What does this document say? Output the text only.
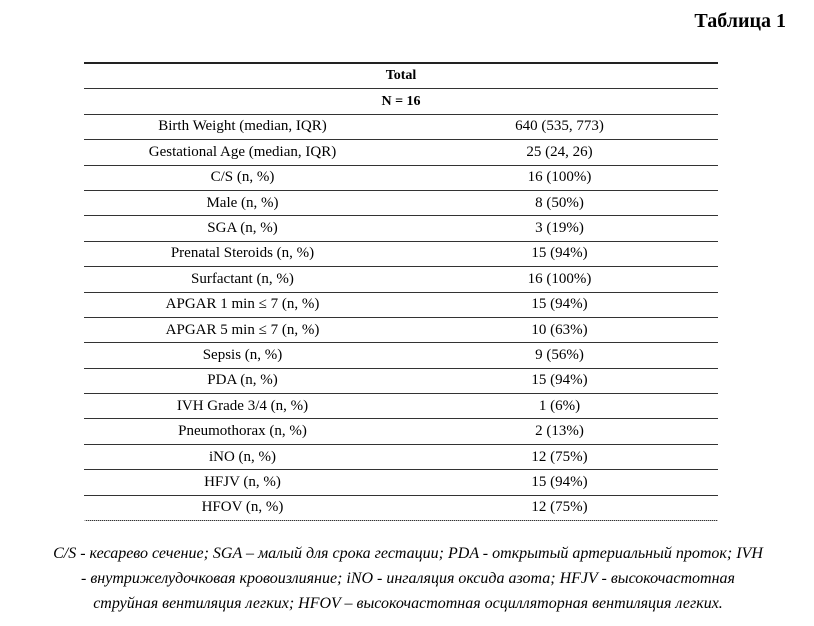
Таблица 1
Total	
N = 16	
Birth Weight (median, IQR)	640 (535, 773)
Gestational Age (median, IQR)	25 (24, 26)
C/S (n, %)	16 (100%)
Male (n, %)	8 (50%)
SGA (n, %)	3 (19%)
Prenatal Steroids (n, %)	15 (94%)
Surfactant (n, %)	16 (100%)
APGAR 1 min ≤ 7 (n, %)	15 (94%)
APGAR 5 min ≤ 7 (n, %)	10 (63%)
Sepsis (n, %)	9 (56%)
PDA (n, %)	15 (94%)
IVH Grade 3/4 (n, %)	1 (6%)
Pneumothorax (n, %)	2 (13%)
iNO (n, %)	12 (75%)
HFJV (n, %)	15 (94%)
HFOV (n, %)	12 (75%)
C/S - кесарево сечение; SGA – малый для срока гестации; PDA - открытый артериальный проток; IVH
- внутрижелудочковая кровоизлияние; iNO - ингаляция оксида азота; HFJV - высокочастотная
струйная вентиляция легких; HFOV – высокочастотная осцилляторная вентиляция легких.
